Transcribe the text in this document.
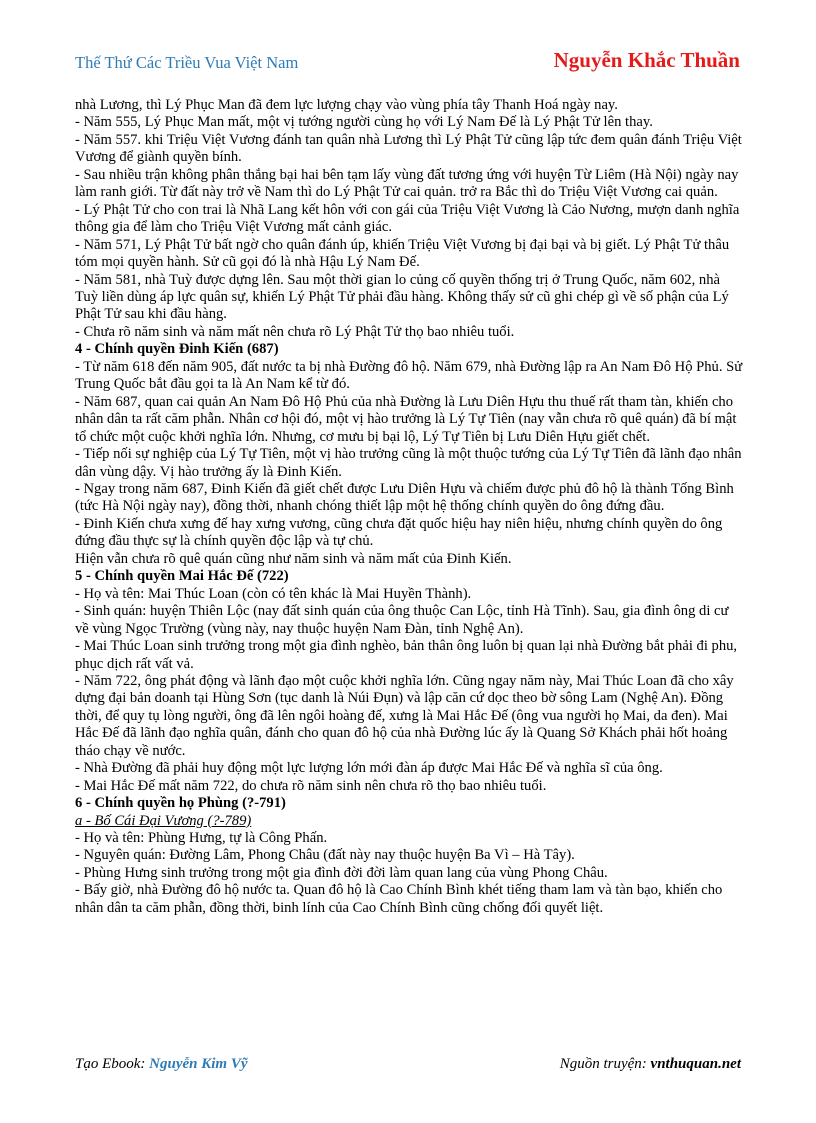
Thế Thứ Các Triều Vua Việt Nam	Nguyễn Khắc Thuần

nhà Lương, thì Lý Phục Man đã đem lực lượng chạy vào vùng phía tây Thanh Hoá ngày nay.

- Năm 555, Lý Phục Man mất, một vị tướng người cùng họ với Lý Nam Đế là Lý Phật Tử lên thay.

- Năm 557. khi Triệu Việt Vương đánh tan quân nhà Lương thì Lý Phật Tử cũng lập tức đem quân đánh Triệu Việt Vương để giành quyền bính.

- Sau nhiều trận không phân thắng bại hai bên tạm lấy vùng đất tương ứng với huyện Từ Liêm (Hà Nội) ngày nay làm ranh giới. Từ đất này trở về Nam thì do Lý Phật Tử cai quản. trở ra Bắc thì do Triệu Việt Vương cai quản.

- Lý Phật Tử cho con trai là Nhã Lang kết hôn với con gái của Triệu Việt Vương là Cảo Nương, mượn danh nghĩa thông gia để làm cho Triệu Việt Vương mất cảnh giác.

- Năm 571, Lý Phật Tử bất ngờ cho quân đánh úp, khiến Triệu Việt Vương bị đại bại và bị giết. Lý Phật Tử thâu tóm mọi quyền hành. Sử cũ gọi đó là nhà Hậu Lý Nam Đế.

- Năm 581, nhà Tuỳ được dựng lên. Sau một thời gian lo củng cố quyền thống trị ở Trung Quốc, năm 602, nhà Tuỳ liền dùng áp lực quân sự, khiến Lý Phật Tử phải đầu hàng. Không thấy sử cũ ghi chép gì về số phận của Lý Phật Tử sau khi đầu hàng.

- Chưa rõ năm sinh và năm mất nên chưa rõ Lý Phật Tử thọ bao nhiêu tuổi.

4 - Chính quyền Đinh Kiến (687)

- Từ năm 618 đến năm 905, đất nước ta bị nhà Đường đô hộ. Năm 679, nhà Đường lập ra An Nam Đô Hộ Phủ. Sử Trung Quốc bắt đầu gọi ta là An Nam kể từ đó.

- Năm 687, quan cai quản An Nam Đô Hộ Phủ của nhà Đường là Lưu Diên Hựu thu thuế rất tham tàn, khiến cho nhân dân ta rất căm phẫn. Nhân cơ hội đó, một vị hào trưởng là Lý Tự Tiên (nay vẫn chưa rõ quê quán) đã bí mật tổ chức một cuộc khởi nghĩa lớn. Nhưng, cơ mưu bị bại lộ, Lý Tự Tiên bị Lưu Diên Hựu giết chết.

- Tiếp nối sự nghiệp của Lý Tự Tiên, một vị hào trưởng cũng là một thuộc tướng của Lý Tự Tiên đã lãnh đạo nhân dân vùng dậy. Vị hào trưởng ấy là Đinh Kiến.

- Ngay trong năm 687, Đinh Kiến đã giết chết được Lưu Diên Hựu và chiếm được phủ đô hộ là thành Tống Bình (tức Hà Nội ngày nay), đồng thời, nhanh chóng thiết lập một hệ thống chính quyền do ông đứng đầu.

- Đinh Kiến chưa xưng đế hay xưng vương, cũng chưa đặt quốc hiệu hay niên hiệu, nhưng chính quyền do ông đứng đầu thực sự là chính quyền độc lập và tự chủ.

Hiện vẫn chưa rõ quê quán cũng như năm sinh và năm mất của Đinh Kiến.

5 - Chính quyền Mai Hắc Đế (722)

- Họ và tên: Mai Thúc Loan (còn có tên khác là Mai Huyền Thành).

- Sinh quán: huyện Thiên Lộc (nay đất sinh quán của ông thuộc Can Lộc, tỉnh Hà Tĩnh). Sau, gia đình ông di cư về vùng Ngọc Trường (vùng này, nay thuộc huyện Nam Đàn, tỉnh Nghệ An).

- Mai Thúc Loan sinh trưởng trong một gia đình nghèo, bản thân ông luôn bị quan lại nhà Đường bắt phải đi phu, phục dịch rất vất vả.

- Năm 722, ông phát động và lãnh đạo một cuộc khởi nghĩa lớn. Cũng ngay năm này, Mai Thúc Loan đã cho xây dựng đại bản doanh tại Hùng Sơn (tục danh là Núi Đụn) và lập căn cứ dọc theo bờ sông Lam (Nghệ An). Đồng thời, để quy tụ lòng người, ông đã lên ngôi hoàng đế, xưng là Mai Hắc Đế (ông vua người họ Mai, da đen). Mai Hắc Đế đã lãnh đạo nghĩa quân, đánh cho quan đô hộ của nhà Đường lúc ấy là Quang Sở Khách phải hốt hoảng tháo chạy về nước.

- Nhà Đường đã phải huy động một lực lượng lớn mới đàn áp được Mai Hắc Đế và nghĩa sĩ của ông.

- Mai Hắc Đế mất năm 722, do chưa rõ năm sinh nên chưa rõ thọ bao nhiêu tuổi.

6 - Chính quyền họ Phùng (?-791)

a - Bố Cái Đại Vương (?-789)

- Họ và tên: Phùng Hưng, tự là Công Phấn.

- Nguyên quán: Đường Lâm, Phong Châu (đất này nay thuộc huyện Ba Vì – Hà Tây).

- Phùng Hưng sinh trưởng trong một gia đình đời đời làm quan lang của vùng Phong Châu.

- Bấy giờ, nhà Đường đô hộ nước ta. Quan đô hộ là Cao Chính Bình khét tiếng tham lam và tàn bạo, khiến cho nhân dân ta căm phẫn, đồng thời, binh lính của Cao Chính Bình cũng chống đối quyết liệt.

Tạo Ebook: Nguyễn Kim Vỹ	Nguồn truyện: vnthuquan.net
